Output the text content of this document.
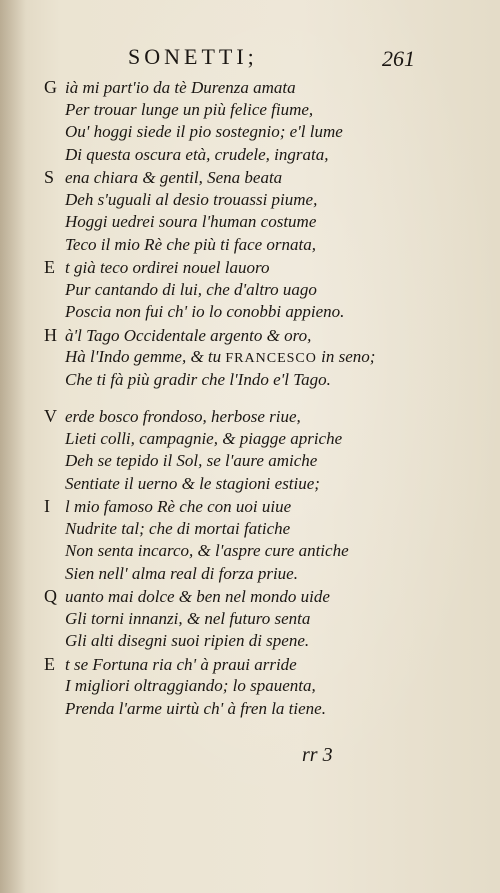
SONETTI;	261
G ià mi part'io da tè Durenza amata
Per trouar lunge un più felice fiume,
Ou' hoggi siede il pio sostegnio; e'l lume
Di questa oscura età, crudele, ingrata,
S ena chiara & gentil, Sena beata
Deh s'uguali al desio trouassi piume,
Hoggi uedrei soura l'human costume
Teco il mio Rè che più ti face ornata,
E t già teco ordirei nouel lauoro
Pur cantando di lui, che d'altro uago
Poscia non fui ch' io lo conobbi appieno.
H à'l Tago Occidentale argento & oro,
Hà l'Indo gemme, & tu FRANCESCO in seno;
Che ti fà più gradir che l'Indo e'l Tago.
V erde bosco frondoso, herbose riue,
Lieti colli, campagnie, & piagge apriche
Deh se tepido il Sol, se l'aure amiche
Sentiate il uerno & le stagioni estiue;
I l mio famoso Rè che con uoi uiue
Nudrite tal; che di mortai fatiche
Non senta incarco, & l'aspre cure antiche
Sien nell' alma real di forza priue.
Q uanto mai dolce & ben nel mondo uide
Gli torni innanzi, & nel futuro senta
Gli alti disegni suoi ripien di spene.
E t se Fortuna ria ch' à praui arride
I migliori oltraggiando; lo spauenta,
Prenda l'arme uirtù ch' à fren la tiene.
rr 3
